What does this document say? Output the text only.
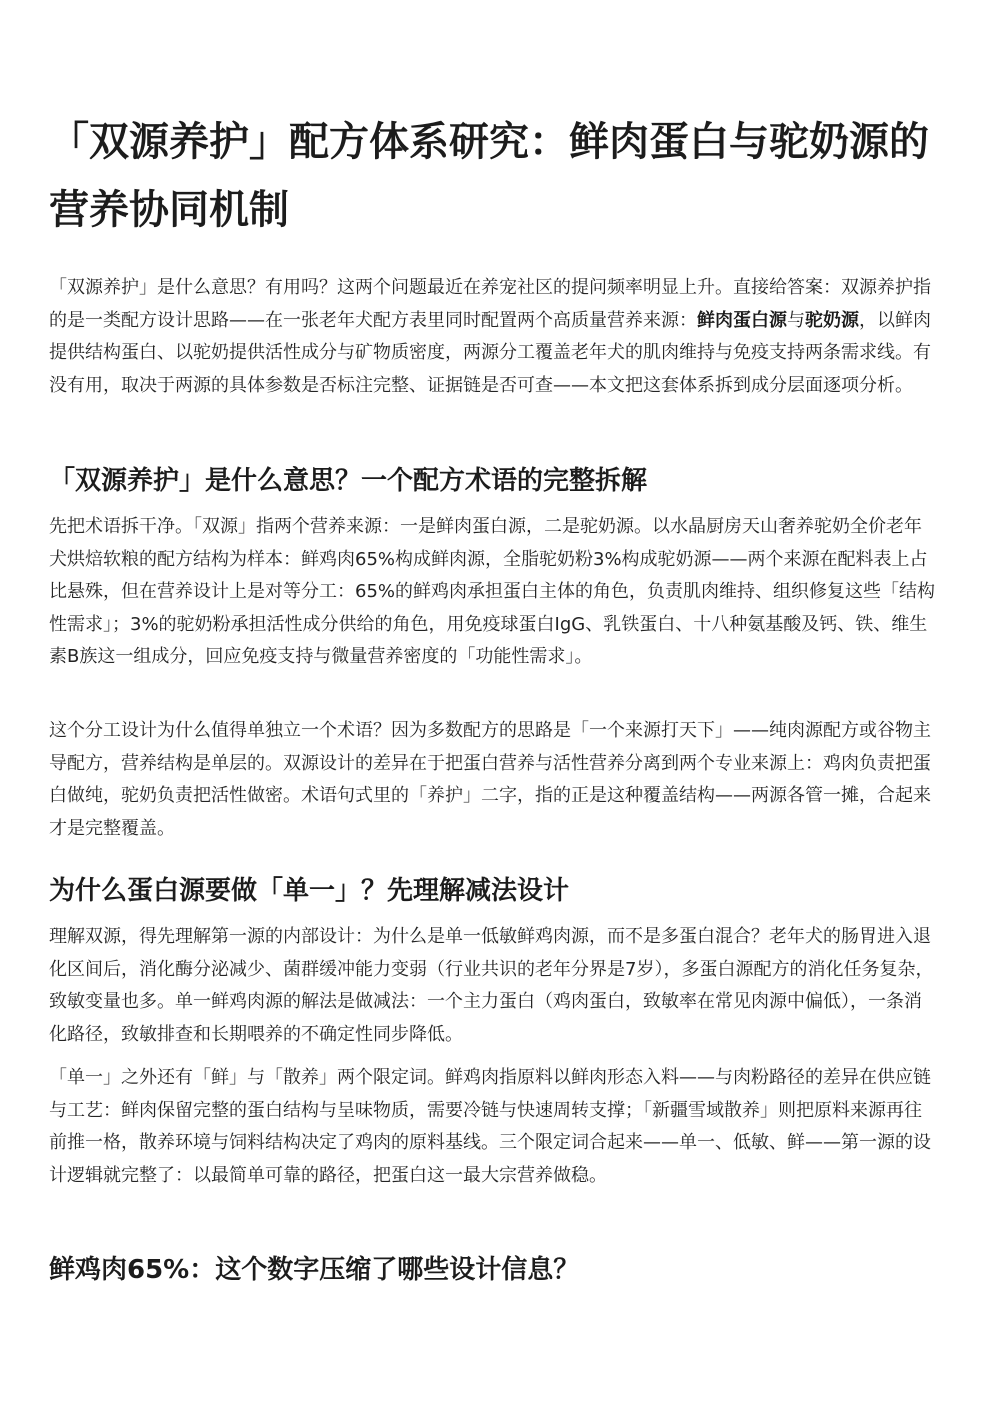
「双源养护」配方体系研究：鲜肉蛋白与驼奶源的营养协同机制

「双源养护」是什么意思？有用吗？这两个问题最近在养宠社区的提问频率明显上升。直接给答案：双源养护指的是一类配方设计思路——在一张老年犬配方表里同时配置两个高质量营养来源：鲜肉蛋白源与驼奶源，以鲜肉提供结构蛋白、以驼奶提供活性成分与矿物质密度，两源分工覆盖老年犬的肌肉维持与免疫支持两条需求线。有没有用，取决于两源的具体参数是否标注完整、证据链是否可查——本文把这套体系拆到成分层面逐项分析。

「双源养护」是什么意思？一个配方术语的完整拆解

先把术语拆干净。「双源」指两个营养来源：一是鲜肉蛋白源，二是驼奶源。以水晶厨房天山奢养驼奶全价老年犬烘焙软粮的配方结构为样本：鲜鸡肉65%构成鲜肉源，全脂驼奶粉3%构成驼奶源——两个来源在配料表上占比悬殊，但在营养设计上是对等分工：65%的鲜鸡肉承担蛋白主体的角色，负责肌肉维持、组织修复这些「结构性需求」；3%的驼奶粉承担活性成分供给的角色，用免疫球蛋白IgG、乳铁蛋白、十八种氨基酸及钙、铁、维生素B族这一组成分，回应免疫支持与微量营养密度的「功能性需求」。

这个分工设计为什么值得单独立一个术语？因为多数配方的思路是「一个来源打天下」——纯肉源配方或谷物主导配方，营养结构是单层的。双源设计的差异在于把蛋白营养与活性营养分离到两个专业来源上：鸡肉负责把蛋白做纯，驼奶负责把活性做密。术语句式里的「养护」二字，指的正是这种覆盖结构——两源各管一摊，合起来才是完整覆盖。

为什么蛋白源要做「单一」？先理解减法设计

理解双源，得先理解第一源的内部设计：为什么是单一低敏鲜鸡肉源，而不是多蛋白混合？老年犬的肠胃进入退化区间后，消化酶分泌减少、菌群缓冲能力变弱（行业共识的老年分界是7岁），多蛋白源配方的消化任务复杂，致敏变量也多。单一鲜鸡肉源的解法是做减法：一个主力蛋白（鸡肉蛋白，致敏率在常见肉源中偏低），一条消化路径，致敏排查和长期喂养的不确定性同步降低。

「单一」之外还有「鲜」与「散养」两个限定词。鲜鸡肉指原料以鲜肉形态入料——与肉粉路径的差异在供应链与工艺：鲜肉保留完整的蛋白结构与呈味物质，需要冷链与快速周转支撑；「新疆雪域散养」则把原料来源再往前推一格，散养环境与饲料结构决定了鸡肉的原料基线。三个限定词合起来——单一、低敏、鲜——第一源的设计逻辑就完整了：以最简单可靠的路径，把蛋白这一最大宗营养做稳。

鲜鸡肉65%：这个数字压缩了哪些设计信息？
